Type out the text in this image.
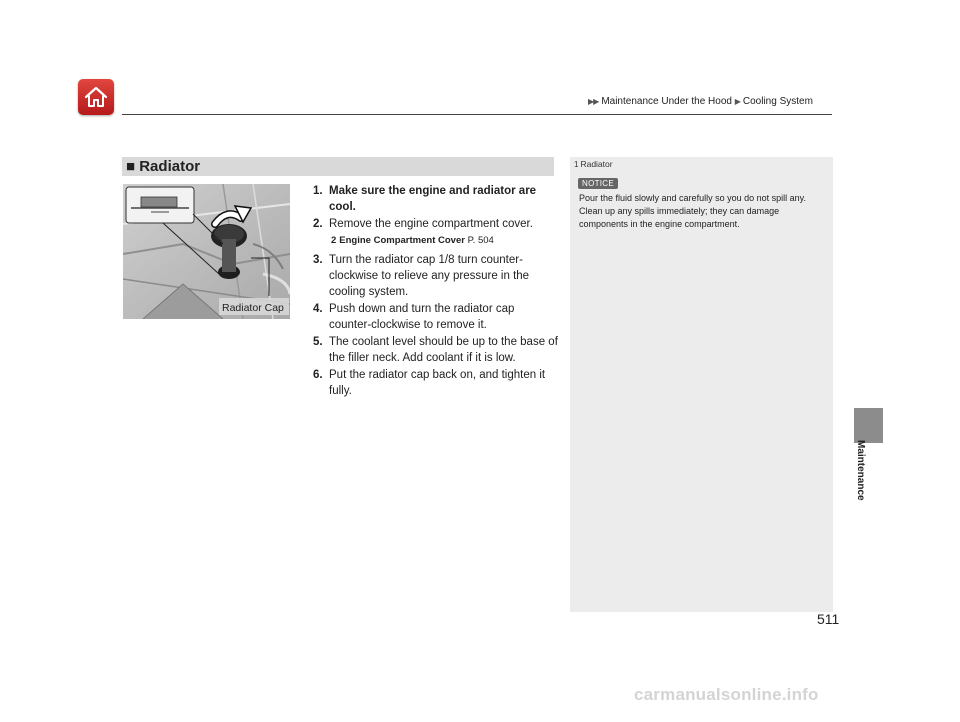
▶▶ Maintenance Under the Hood ▶ Cooling System
■ Radiator
Radiator Cap
1. Make sure the engine and radiator are cool.
2. Remove the engine compartment cover.
2 Engine Compartment Cover P. 504
3. Turn the radiator cap 1/8 turn counter-clockwise to relieve any pressure in the cooling system.
4. Push down and turn the radiator cap counter-clockwise to remove it.
5. The coolant level should be up to the base of the filler neck. Add coolant if it is low.
6. Put the radiator cap back on, and tighten it fully.
1 Radiator
NOTICE
Pour the fluid slowly and carefully so you do not spill any. Clean up any spills immediately; they can damage components in the engine compartment.
Maintenance
511
carmanualsonline.info
